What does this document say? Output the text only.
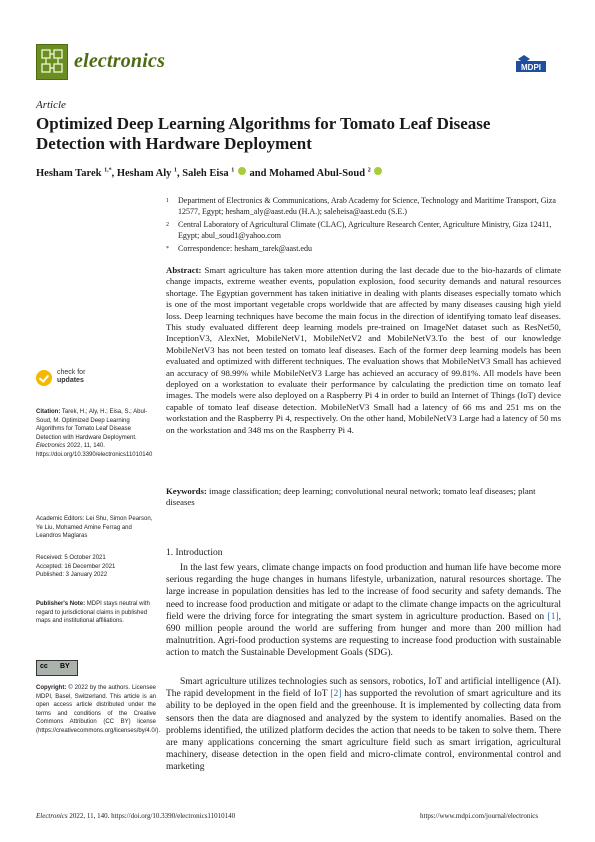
electronics	MDPI
Article
Optimized Deep Learning Algorithms for Tomato Leaf Disease Detection with Hardware Deployment
Hesham Tarek $^{1,*}$, Hesham Aly $^1$, Saleh Eisa $^1$  and Mohamed Abul-Soud $^2$
1	Department of Electronics & Communications, Arab Academy for Science, Technology and Maritime Transport, Giza 12577, Egypt; hesham_aly@aast.edu (H.A.); saleheisa@aast.edu (S.E.)
2	Central Laboratory of Agricultural Climate (CLAC), Agriculture Research Center, Agriculture Ministry, Giza 12411, Egypt; abul_soud1@yahoo.com
*	Correspondence: hesham_tarek@aast.edu
Abstract: Smart agriculture has taken more attention during the last decade due to the bio-hazards of climate change impacts, extreme weather events, population explosion, food security demands and natural resources shortage. The Egyptian government has taken initiative in dealing with plants diseases especially tomato which is one of the most important vegetable crops worldwide that are affected by many diseases causing high yield loss. Deep learning techniques have become the main focus in the direction of identifying tomato leaf diseases. This study evaluated different deep learning models pre-trained on ImageNet dataset such as ResNet50, InceptionV3, AlexNet, MobileNetV1, MobileNetV2 and MobileNetV3.To the best of our knowledge MobileNetV3 has not been tested on tomato leaf diseases. Each of the former deep learning models has been evaluated and optimized with different techniques. The evaluation shows that MobileNetV3 Small has achieved an accuracy of 98.99% while MobileNetV3 Large has achieved an accuracy of 99.81%. All models have been deployed on a workstation to evaluate their performance by calculating the prediction time on tomato leaf images. The models were also deployed on a Raspberry Pi 4 in order to build an Internet of Things (IoT) device capable of tomato leaf disease detection. MobileNetV3 Small had a latency of 66 ms and 251 ms on the workstation and the Raspberry Pi 4, respectively. On the other hand, MobileNetV3 Large had a latency of 50 ms on the workstation and 348 ms on the Raspberry Pi 4.
Keywords: image classification; deep learning; convolutional neural network; tomato leaf diseases; plant diseases
check for
updates
Citation: Tarek, H.; Aly, H.; Eisa, S.; Abul-Soud, M. Optimized Deep Learning Algorithms for Tomato Leaf Disease Detection with Hardware Deployment. Electronics 2022, 11, 140. https://doi.org/10.3390/electronics11010140
Academic Editors: Lei Shu, Simon Pearson, Ye Liu, Mohamed Amine Ferrag and Leandros Maglaras
Received: 5 October 2021
Accepted: 16 December 2021
Published: 3 January 2022
Publisher's Note: MDPI stays neutral with regard to jurisdictional claims in published maps and institutional affiliations.
cc BY
Copyright: © 2022 by the authors. Licensee MDPI, Basel, Switzerland. This article is an open access article distributed under the terms and conditions of the Creative Commons Attribution (CC BY) license (https://creativecommons.org/licenses/by/4.0/).
1. Introduction
In the last few years, climate change impacts on food production and human life have become more serious regarding the huge changes in humans lifestyle, urbanization, natural resources shortage. The large increase in population densities has led to the increase of food security and safety demands. The need to increase food production and mitigate or adapt to the climate change impacts on the agricultural field were the driving force for integrating the smart system in agriculture production. Based on [1], 690 million people around the world are suffering from hunger and more than 200 million had malnutrition. Agri-food production systems are requesting to increase food production with sustainable action to match the Sustainable Development Goals (SDG).
Smart agriculture utilizes technologies such as sensors, robotics, IoT and artificial intelligence (AI). The rapid development in the field of IoT [2] has supported the revolution of smart agriculture and its ability to be deployed in the open field and the greenhouse. It is implemented by collecting data from sensors then the data are diagnosed and analyzed by the system to identify anomalies. Based on the problems identified, the utilized platform decides the action that needs to be taken to solve them. There are many applications concerning the smart agriculture field such as smart irrigation, agricultural machinery, disease detection in the open field and micro-climate control, environmental control and marketing
Electronics 2022, 11, 140. https://doi.org/10.3390/electronics11010140	https://www.mdpi.com/journal/electronics
